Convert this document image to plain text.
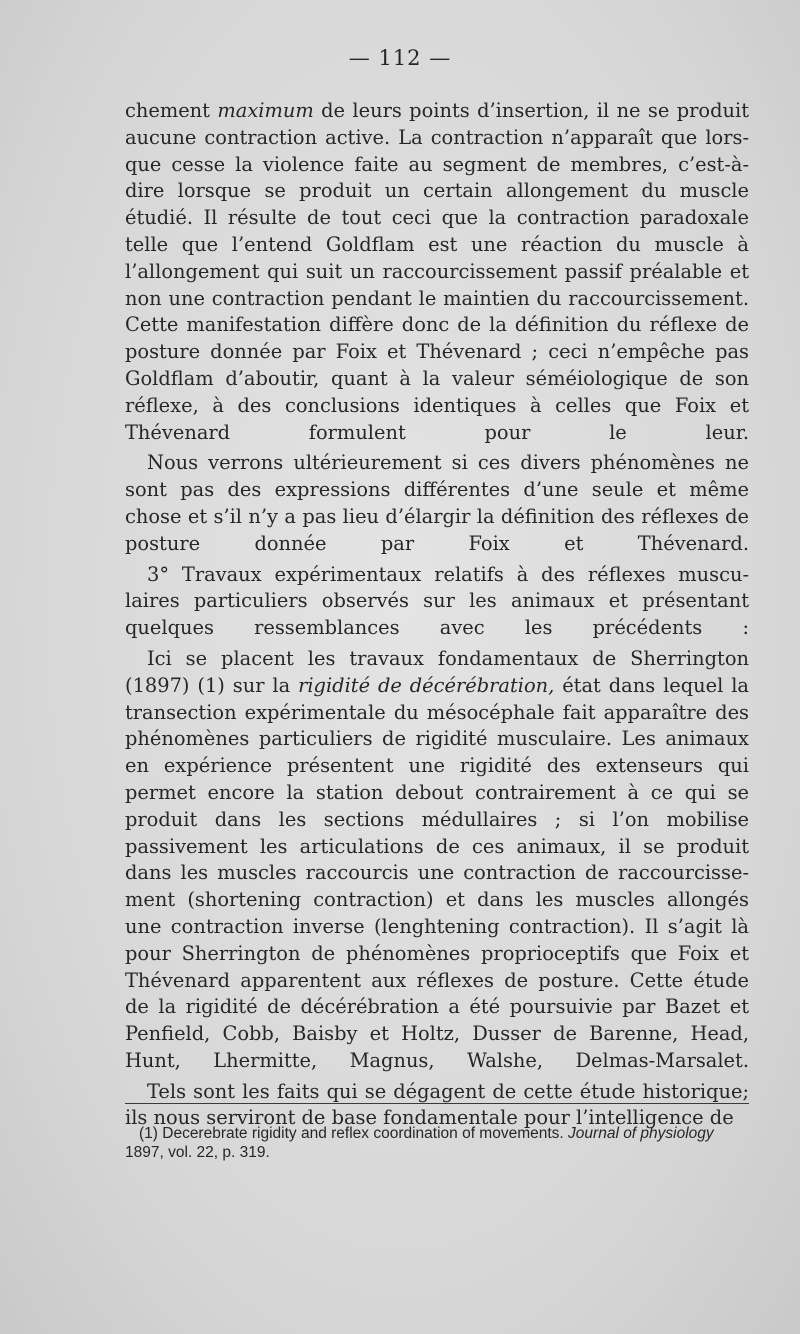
— 112 —

chement maximum de leurs points d’insertion, il ne se produit aucune contraction active. La contraction n’apparaît que lorsque cesse la violence faite au segment de membres, c’est-à-dire lorsque se produit un certain allongement du muscle étudié. Il résulte de tout ceci que la contraction paradoxale telle que l’entend Goldflam est une réaction du muscle à l’allongement qui suit un raccourcissement passif préalable et non une contraction pendant le maintien du raccourcissement. Cette manifestation diffère donc de la définition du réflexe de posture donnée par Foix et Thévenard ; ceci n’empêche pas Goldflam d’aboutir, quant à la valeur séméiologique de son réflexe, à des conclusions identiques à celles que Foix et Thévenard formulent pour le leur.

Nous verrons ultérieurement si ces divers phénomènes ne sont pas des expressions différentes d’une seule et même chose et s’il n’y a pas lieu d’élargir la définition des réflexes de posture donnée par Foix et Thévenard.

3° Travaux expérimentaux relatifs à des réflexes musculaires particuliers observés sur les animaux et présentant quelques ressemblances avec les précédents :

Ici se placent les travaux fondamentaux de Sherrington (1897) (1) sur la rigidité de décérébration, état dans lequel la transection expérimentale du mésocéphale fait apparaître des phénomènes particuliers de rigidité musculaire. Les animaux en expérience présentent une rigidité des extenseurs qui permet encore la station debout contrairement à ce qui se produit dans les sections médullaires ; si l’on mobilise passivement les articulations de ces animaux, il se produit dans les muscles raccourcis une contraction de raccourcissement (shortening contraction) et dans les muscles allongés une contraction inverse (lenghtening contraction). Il s’agit là pour Sherrington de phénomènes proprioceptifs que Foix et Thévenard apparentent aux réflexes de posture. Cette étude de la rigidité de décérébration a été poursuivie par Bazet et Penfield, Cobb, Baisby et Holtz, Dusser de Barenne, Head, Hunt, Lhermitte, Magnus, Walshe, Delmas-Marsalet.

Tels sont les faits qui se dégagent de cette étude historique; ils nous serviront de base fondamentale pour l’intelligence de

(1) Decerebrate rigidity and reflex coordination of movements. Journal of physiology 1897, vol. 22, p. 319.
